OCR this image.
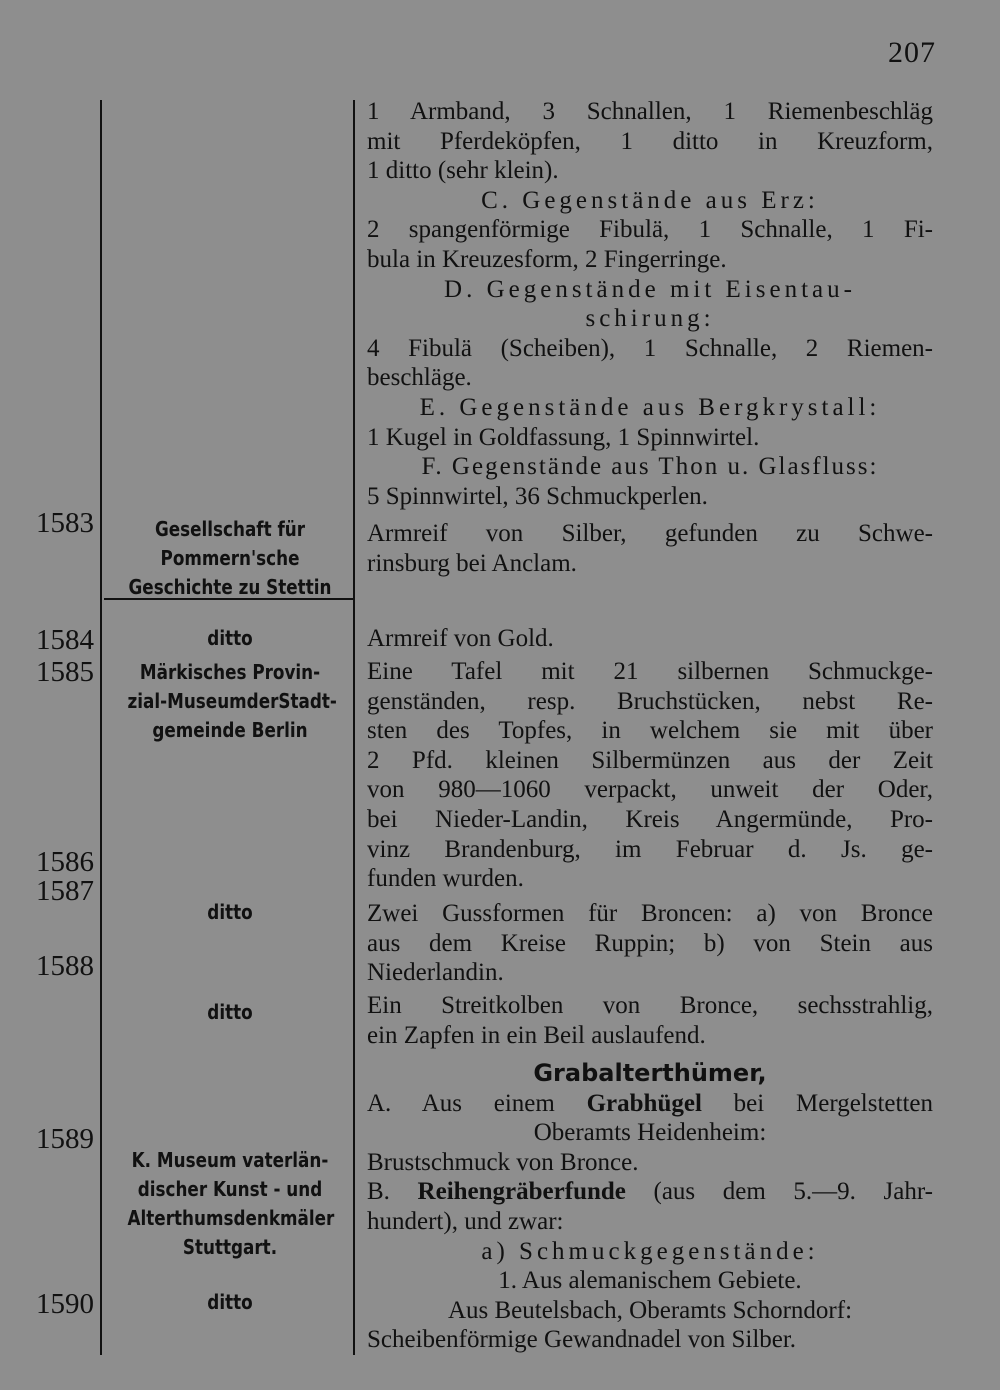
207
1583
1584
1585
1586
1587
1588
1589
1590
Gesellschaft für
Pommern'sche
Geschichte zu Stettin
ditto
Märkisches Provin-
zial-MuseumderStadt-
gemeinde Berlin
ditto
ditto
K. Museum vaterlän-
discher Kunst - und
Alterthumsdenkmäler
Stuttgart.
ditto
1 Armband, 3 Schnallen, 1 Riemenbeschläg
mit Pferdeköpfen, 1 ditto in Kreuzform,
1 ditto (sehr klein).
C. Gegenstände aus Erz:
2 spangenförmige Fibulä, 1 Schnalle, 1 Fi-
bula in Kreuzesform, 2 Fingerringe.
D. Gegenstände mit Eisentau-
schirung:
4 Fibulä (Scheiben), 1 Schnalle, 2 Riemen-
beschläge.
E. Gegenstände aus Bergkrystall:
1 Kugel in Goldfassung, 1 Spinnwirtel.
F. Gegenstände aus Thon u. Glasfluss:
5 Spinnwirtel, 36 Schmuckperlen.
Armreif von Silber, gefunden zu Schwe-
rinsburg bei Anclam.
Armreif von Gold.
Eine Tafel mit 21 silbernen Schmuckge-
genständen, resp. Bruchstücken, nebst Re-
sten des Topfes, in welchem sie mit über
2 Pfd. kleinen Silbermünzen aus der Zeit
von 980—1060 verpackt, unweit der Oder,
bei Nieder-Landin, Kreis Angermünde, Pro-
vinz Brandenburg, im Februar d. Js. ge-
funden wurden.
Zwei Gussformen für Broncen: a) von Bronce
aus dem Kreise Ruppin; b) von Stein aus
Niederlandin.
Ein Streitkolben von Bronce, sechsstrahlig,
ein Zapfen in ein Beil auslaufend.
Grabalterthümer,
A. Aus einem Grabhügel bei Mergelstetten
Oberamts Heidenheim:
Brustschmuck von Bronce.
B. Reihengräberfunde (aus dem 5.—9. Jahr-
hundert), und zwar:
a) Schmuckgegenstände:
1. Aus alemanischem Gebiete.
Aus Beutelsbach, Oberamts Schorndorf:
Scheibenförmige Gewandnadel von Silber.
